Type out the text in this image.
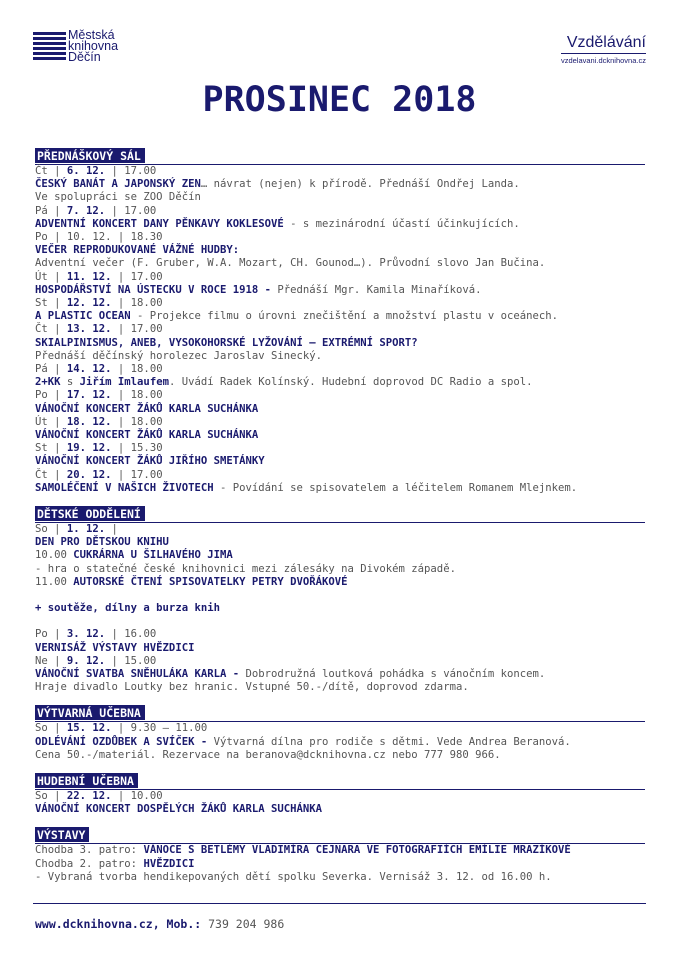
Městská
knihovna
Děčín
Vzdělávání
vzdelavani.dcknihovna.cz
PROSINEC 2018
PŘEDNÁŠKOVÝ SÁL
Čt | 6. 12. | 17.00
ČESKÝ BANÁT A JAPONSKÝ ZEN… návrat (nejen) k přírodě. Přednáší Ondřej Landa.
Ve spolupráci se ZOO Děčín
Pá | 7. 12. | 17.00
ADVENTNÍ KONCERT DANY PĚNKAVY KOKLESOVÉ - s mezinárodní účastí účinkujících.
Po | 10. 12. | 18.30
VEČER REPRODUKOVANÉ VÁŽNÉ HUDBY:
Adventní večer (F. Gruber, W.A. Mozart, CH. Gounod…). Průvodní slovo Jan Bučina.
Út | 11. 12. | 17.00
HOSPODÁŘSTVÍ NA ÚSTECKU V ROCE 1918 - Přednáší Mgr. Kamila Minaříková.
St | 12. 12. | 18.00
A PLASTIC OCEAN - Projekce filmu o úrovni znečištění a množství plastu v oceánech.
Čt | 13. 12. | 17.00
SKIALPINISMUS, ANEB, VYSOKOHORSKÉ LYŽOVÁNÍ – EXTRÉMNÍ SPORT?
Přednáší děčínský horolezec Jaroslav Sinecký.
Pá | 14. 12. | 18.00
2+KK s Jiřím Imlaufem. Uvádí Radek Kolínský. Hudební doprovod DC Radio a spol.
Po | 17. 12. | 18.00
VÁNOČNÍ KONCERT ŽÁKŮ KARLA SUCHÁNKA
Út | 18. 12. | 18.00
VÁNOČNÍ KONCERT ŽÁKŮ KARLA SUCHÁNKA
St | 19. 12. | 15.30
VÁNOČNÍ KONCERT ŽÁKŮ JIŘÍHO SMETÁNKY
Čt | 20. 12. | 17.00
SAMOLÉČENÍ V NAŠICH ŽIVOTECH - Povídání se spisovatelem a léčitelem Romanem Mlejnkem.
DĚTSKÉ ODDĚLENÍ
So | 1. 12. |
DEN PRO DĚTSKOU KNIHU
10.00 CUKRÁRNA U ŠILHAVÉHO JIMA
- hra o statečné české knihovnici mezi zálesáky na Divokém západě.
11.00 AUTORSKÉ ČTENÍ SPISOVATELKY PETRY DVOŘÁKOVÉ
+ soutěže, dílny a burza knih
Po | 3. 12. | 16.00
VERNISÁŽ VÝSTAVY HVĚZDICI
Ne | 9. 12. | 15.00
VÁNOČNÍ SVATBA SNĚHULÁKA KARLA - Dobrodružná loutková pohádka s vánočním koncem.
Hraje divadlo Loutky bez hranic. Vstupné 50.-/dítě, doprovod zdarma.
VÝTVARNÁ UČEBNA
So | 15. 12. | 9.30 – 11.00
ODLÉVÁNÍ OZDŮBEK A SVÍČEK - Výtvarná dílna pro rodiče s dětmi. Vede Andrea Beranová.
Cena 50.-/materiál. Rezervace na beranova@dcknihovna.cz nebo 777 980 966.
HUDEBNÍ UČEBNA
So | 22. 12. | 10.00
VÁNOČNÍ KONCERT DOSPĚLÝCH ŽÁKŮ KARLA SUCHÁNKA
VÝSTAVY
Chodba 3. patro: VÁNOCE S BETLÉMY VLADIMÍRA CEJNARA VE FOTOGRAFIÍCH EMÍLIE MRAZÍKOVÉ
Chodba 2. patro: HVĚZDICI
- Vybraná tvorba hendikepovaných dětí spolku Severka. Vernisáž 3. 12. od 16.00 h.
www.dcknihovna.cz, Mob.: 739 204 986
